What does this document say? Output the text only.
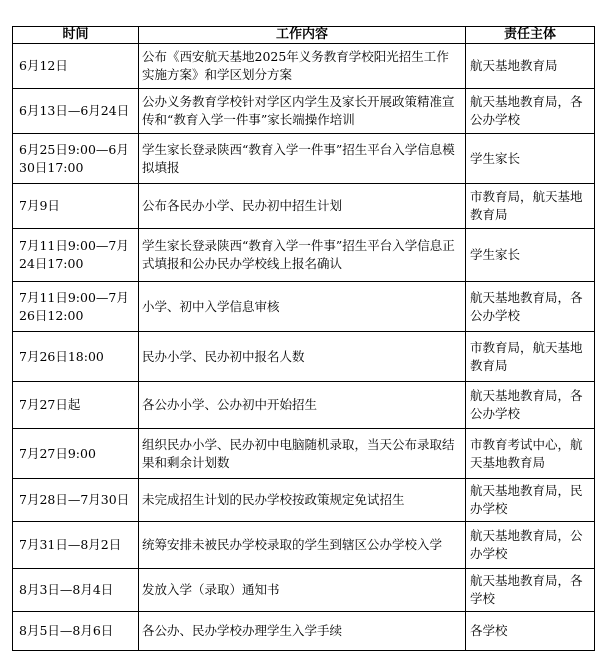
时间	工作内容	责任主体
6月12日	公布《西安航天基地2025年义务教育学校阳光招生工作实施方案》和学区划分方案	航天基地教育局
6月13日—6月24日	公办义务教育学校针对学区内学生及家长开展政策精准宣传和“教育入学一件事”家长端操作培训	航天基地教育局，各公办学校
6月25日9:00—6月30日17:00	学生家长登录陕西“教育入学一件事”招生平台入学信息模拟填报	学生家长
7月9日	公布各民办小学、民办初中招生计划	市教育局，航天基地教育局
7月11日9:00—7月24日17:00	学生家长登录陕西“教育入学一件事”招生平台入学信息正式填报和公办民办学校线上报名确认	学生家长
7月11日9:00—7月26日12:00	小学、初中入学信息审核	航天基地教育局，各公办学校
7月26日18:00	民办小学、民办初中报名人数	市教育局，航天基地教育局
7月27日起	各公办小学、公办初中开始招生	航天基地教育局，各公办学校
7月27日9:00	组织民办小学、民办初中电脑随机录取，当天公布录取结果和剩余计划数	市教育考试中心，航天基地教育局
7月28日—7月30日	未完成招生计划的民办学校按政策规定免试招生	航天基地教育局，民办学校
7月31日—8月2日	统筹安排未被民办学校录取的学生到辖区公办学校入学	航天基地教育局，公办学校
8月3日—8月4日	发放入学（录取）通知书	航天基地教育局，各学校
8月5日—8月6日	各公办、民办学校办理学生入学手续	各学校
